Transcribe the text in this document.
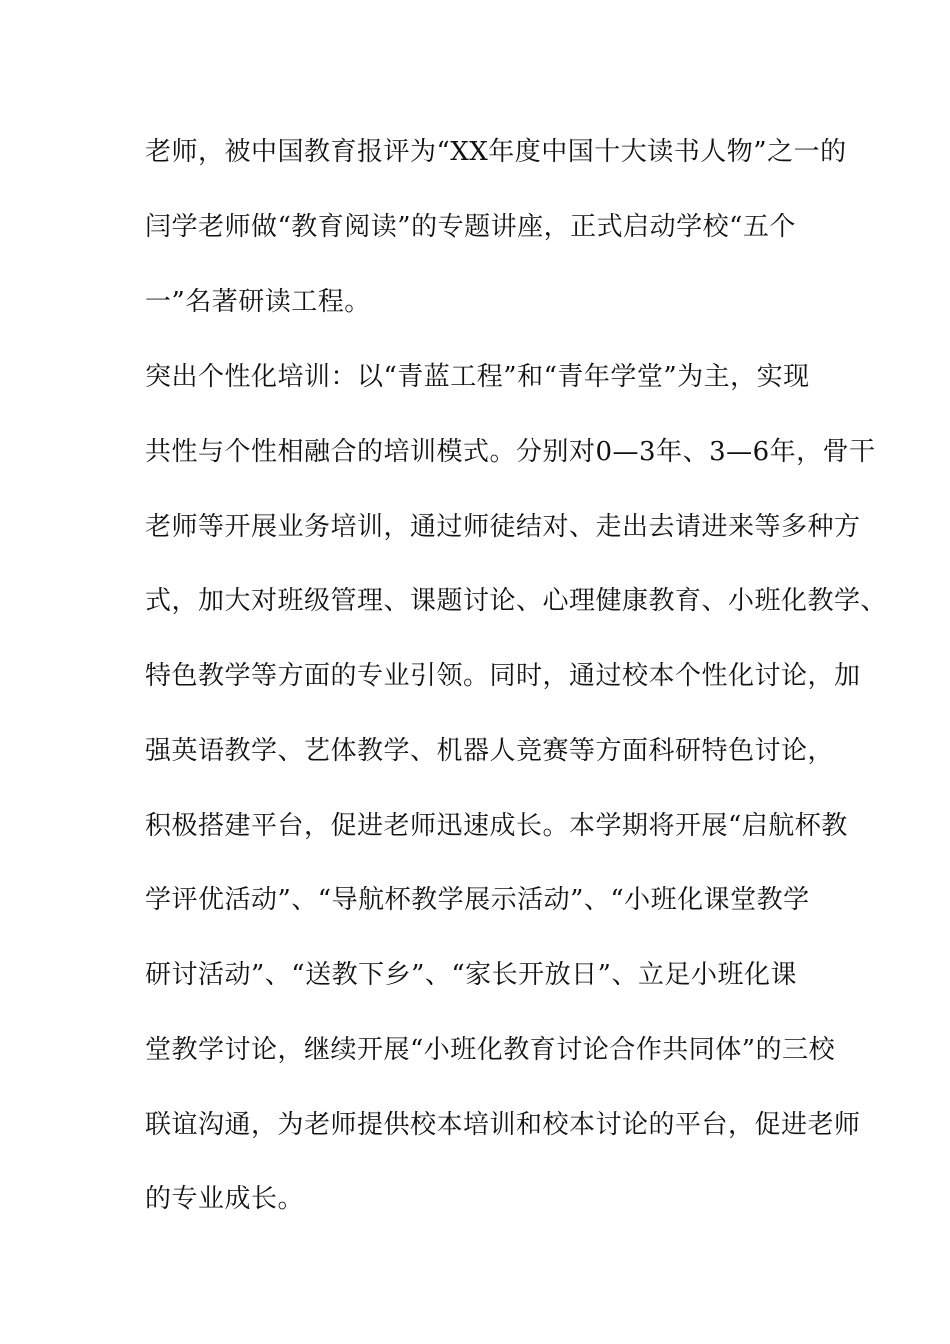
老师，被中国教育报评为“XX年度中国十大读书人物”之一的
闫学老师做“教育阅读”的专题讲座，正式启动学校“五个
一”名著研读工程。
突出个性化培训：以“青蓝工程”和“青年学堂”为主，实现
共性与个性相融合的培训模式。分别对0—3年、3—6年，骨干
老师等开展业务培训，通过师徒结对、走出去请进来等多种方
式，加大对班级管理、课题讨论、心理健康教育、小班化教学、
特色教学等方面的专业引领。同时，通过校本个性化讨论，加
强英语教学、艺体教学、机器人竞赛等方面科研特色讨论，
积极搭建平台，促进老师迅速成长。本学期将开展“启航杯教
学评优活动”、“导航杯教学展示活动”、“小班化课堂教学
研讨活动”、“送教下乡”、“家长开放日”、立足小班化课
堂教学讨论，继续开展“小班化教育讨论合作共同体”的三校
联谊沟通，为老师提供校本培训和校本讨论的平台，促进老师
的专业成长。
